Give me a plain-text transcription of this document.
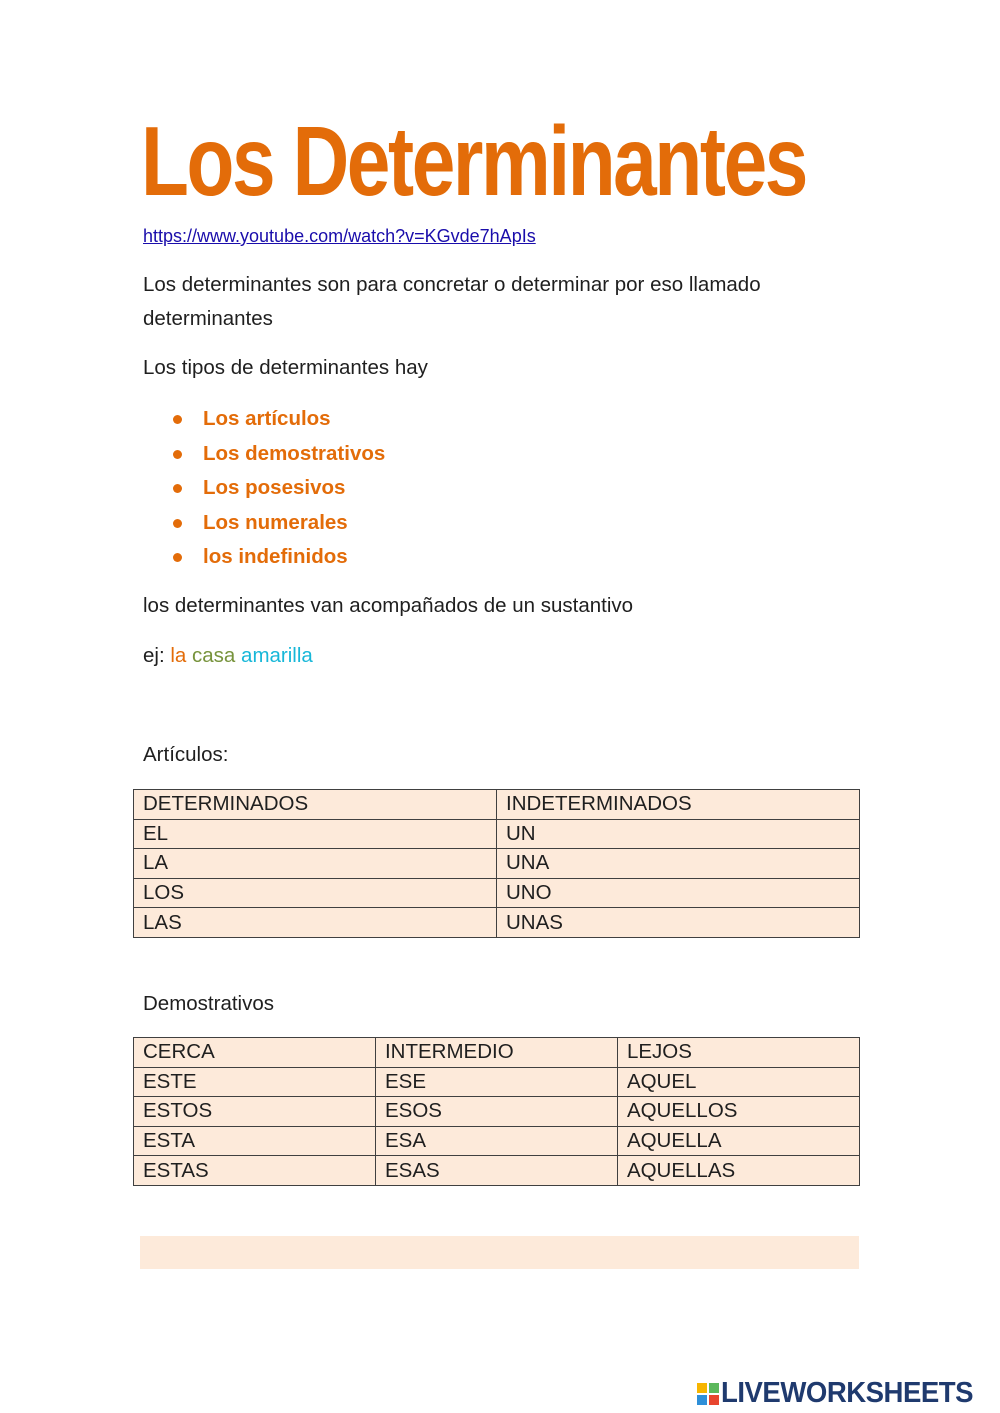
Los Determinantes
https://www.youtube.com/watch?v=KGvde7hApIs

Los determinantes son para concretar o determinar por eso llamado determinantes

Los tipos de determinantes hay

Los artículos
Los demostrativos
Los posesivos
Los numerales
los indefinidos

los determinantes van acompañados de un sustantivo

ej: la casa amarilla

Artículos:

DETERMINADOS	INDETERMINADOS
EL	UN
LA	UNA
LOS	UNO
LAS	UNAS

Demostrativos

CERCA	INTERMEDIO	LEJOS
ESTE	ESE	AQUEL
ESTOS	ESOS	AQUELLOS
ESTA	ESA	AQUELLA
ESTAS	ESAS	AQUELLAS
LIVEWORKSHEETS
